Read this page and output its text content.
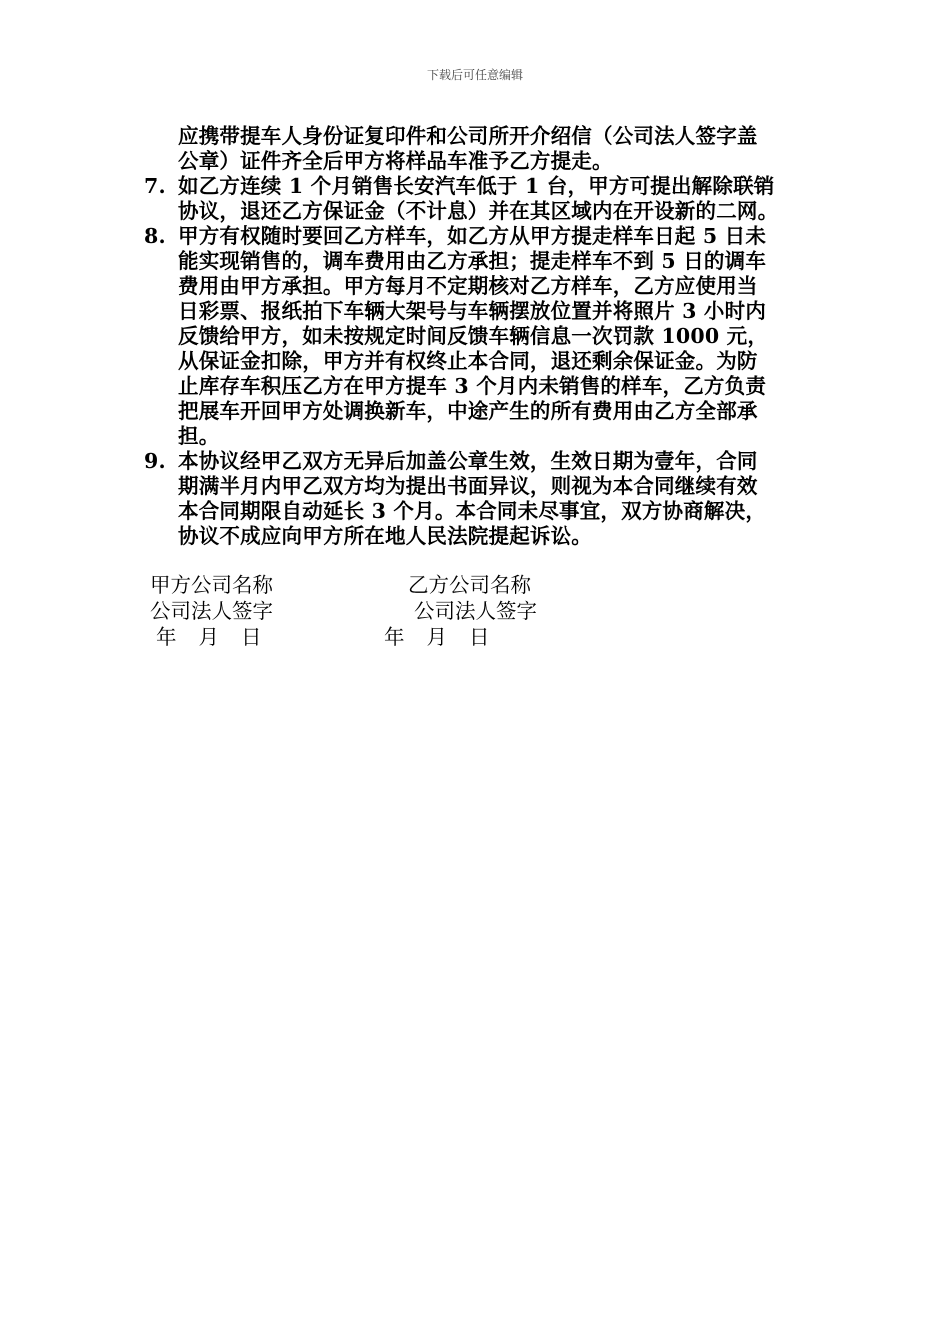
下载后可任意编辑
应携带提车人身份证复印件和公司所开介绍信（公司法人签字盖
公章）证件齐全后甲方将样品车准予乙方提走。
7. 如乙方连续 1 个月销售长安汽车低于 1 台，甲方可提出解除联销
协议，退还乙方保证金（不计息）并在其区域内在开设新的二网。
8. 甲方有权随时要回乙方样车，如乙方从甲方提走样车日起 5 日未
能实现销售的，调车费用由乙方承担；提走样车不到 5 日的调车
费用由甲方承担。甲方每月不定期核对乙方样车，乙方应使用当
日彩票、报纸拍下车辆大架号与车辆摆放位置并将照片 3 小时内
反馈给甲方，如未按规定时间反馈车辆信息一次罚款 1000 元，
从保证金扣除，甲方并有权终止本合同，退还剩余保证金。为防
止库存车积压乙方在甲方提车 3 个月内未销售的样车，乙方负责
把展车开回甲方处调换新车，中途产生的所有费用由乙方全部承
担。
9. 本协议经甲乙双方无异后加盖公章生效，生效日期为壹年，合同
期满半月内甲乙双方均为提出书面异议，则视为本合同继续有效
本合同期限自动延长 3 个月。本合同未尽事宜，双方协商解决，
协议不成应向甲方所在地人民法院提起诉讼。
甲方公司名称	乙方公司名称
公司法人签字	公司法人签字
年 月 日	年 月 日
